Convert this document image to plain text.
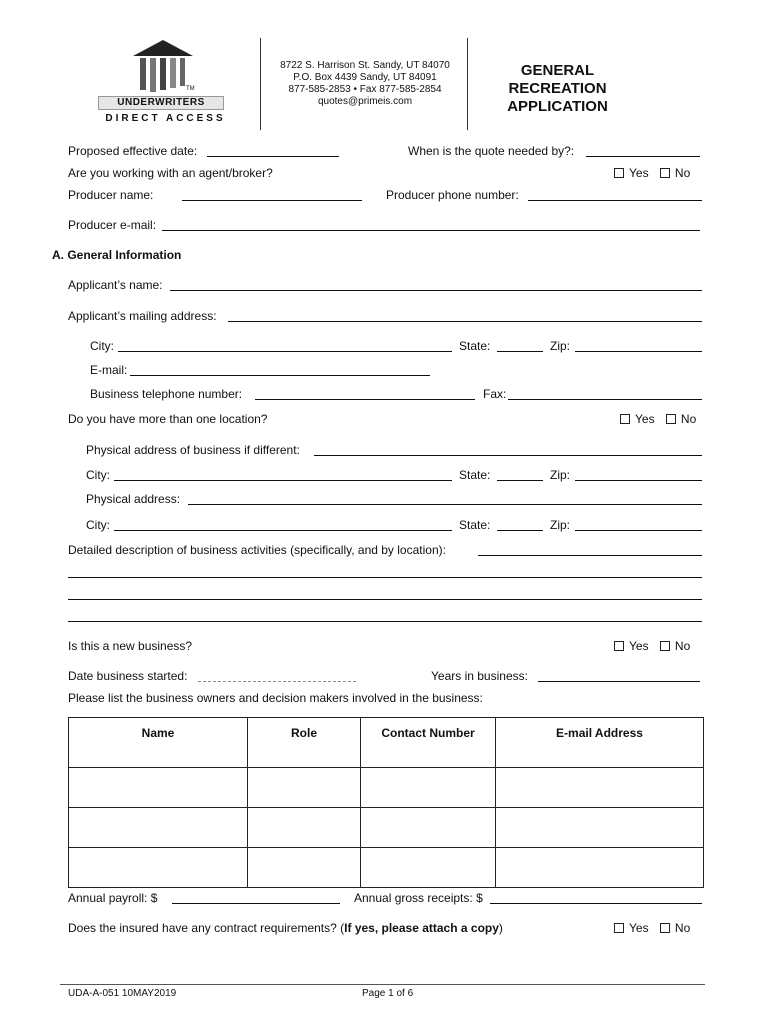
TM
UNDERWRITERS
DIRECT ACCESS
8722 S. Harrison St. Sandy, UT 84070
P.O. Box 4439 Sandy, UT 84091
877-585-2853 • Fax 877-585-2854
quotes@primeis.com
GENERAL
RECREATION
APPLICATION
Proposed effective date:	When is the quote needed by?:
Are you working with an agent/broker?	Yes No
Producer name:	Producer phone number:
Producer e-mail:
A. General Information
Applicant’s name:
Applicant’s mailing address:
City:	State:	Zip:
E-mail:
Business telephone number:	Fax:
Do you have more than one location?	Yes No
Physical address of business if different:
City:	State:	Zip:
Physical address:
City:	State:	Zip:
Detailed description of business activities (specifically, and by location):
Is this a new business?	Yes No
Date business started:	Years in business:
Please list the business owners and decision makers involved in the business:
Name	Role	Contact Number	E-mail Address

Annual payroll: $	Annual gross receipts: $
Does the insured have any contract requirements? (If yes, please attach a copy)	Yes No
UDA-A-051 10MAY2019	Page 1 of 6
